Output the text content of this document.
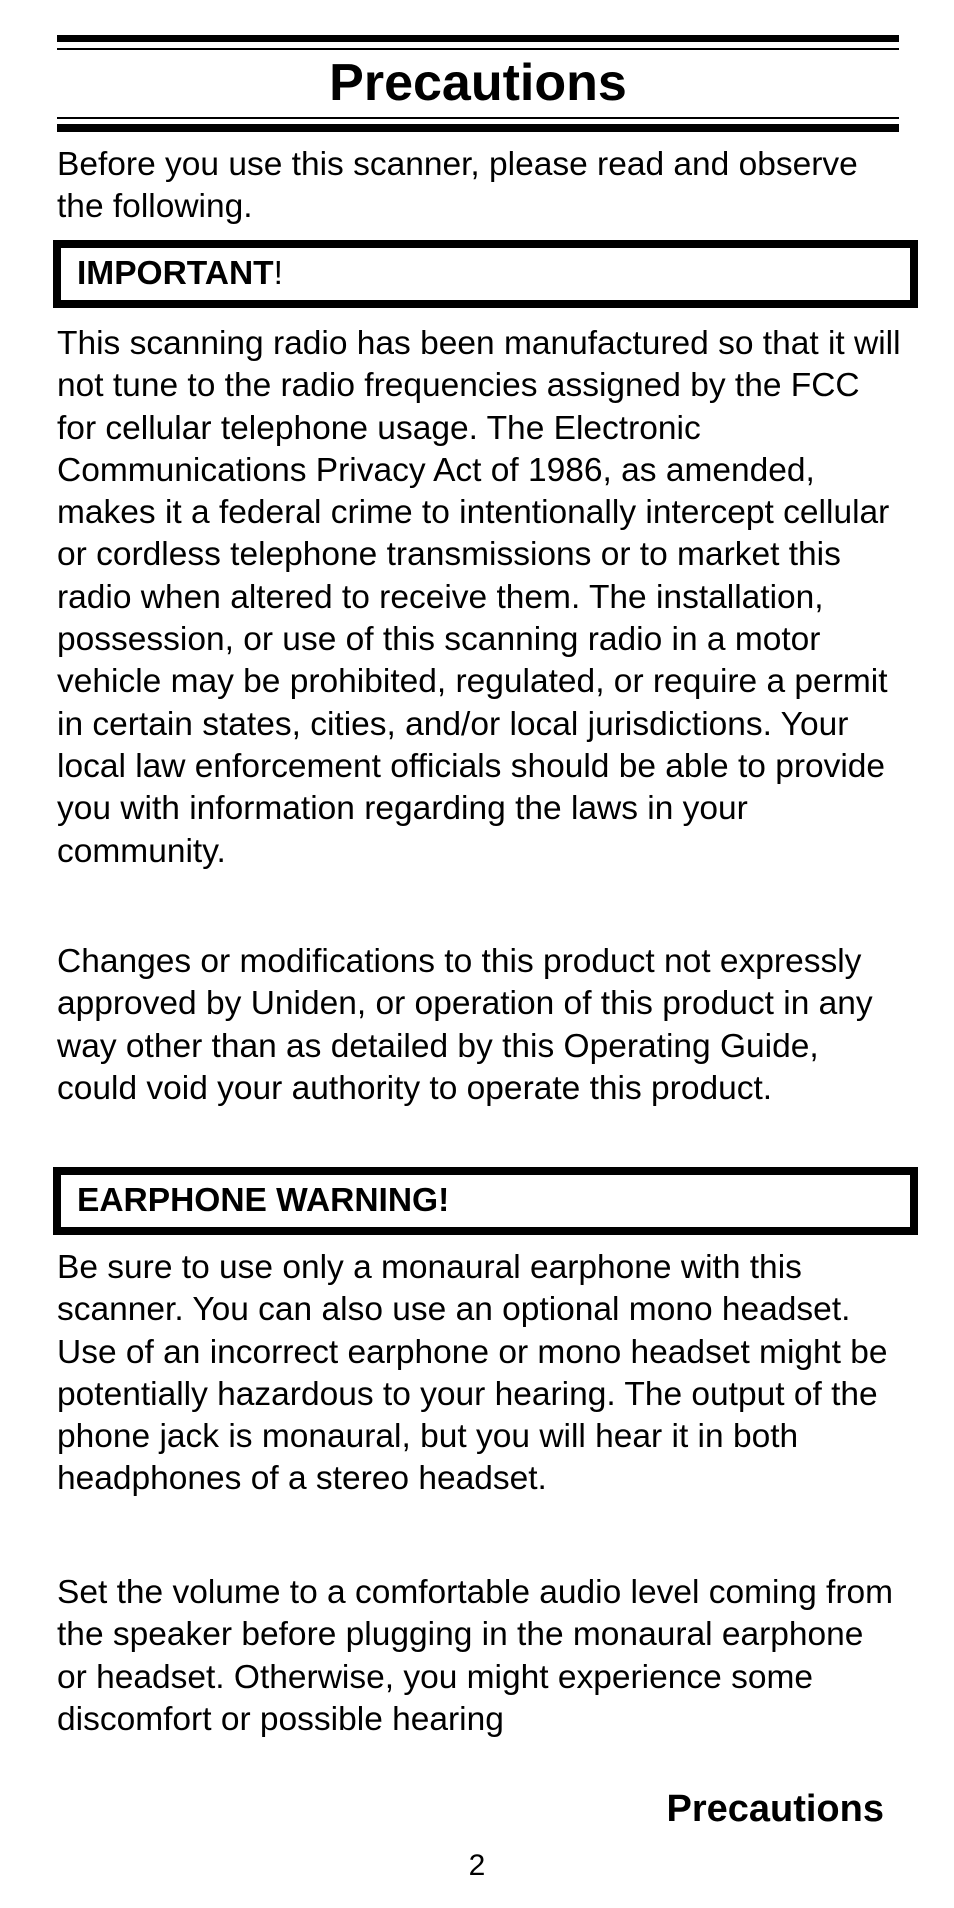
Precautions

Before you use this scanner, please read and observe the following.

IMPORTANT!

This scanning radio has been manufactured so that it will not tune to the radio frequencies assigned by the FCC for cellular telephone usage. The Electronic Communications Privacy Act of 1986, as amended, makes it a federal crime to intentionally intercept cellular or cordless telephone transmissions or to market this radio when altered to receive them. The installation, possession, or use of this scanning radio in a motor vehicle may be prohibited, regulated, or require a permit in certain states, cities, and/or local jurisdictions. Your local law enforcement officials should be able to provide you with information regarding the laws in your community.

Changes or modifications to this product not expressly approved by Uniden, or operation of this product in any way other than as detailed by this Operating Guide, could void your authority to operate this product.

EARPHONE WARNING!

Be sure to use only a monaural earphone with this scanner. You can also use an optional mono headset. Use of an incorrect earphone or mono headset might be potentially hazardous to your hearing. The output of the phone jack is monaural, but you will hear it in both headphones of a stereo headset.

Set the volume to a comfortable audio level coming from the speaker before plugging in the monaural earphone or headset. Otherwise, you might experience some discomfort or possible hearing

Precautions
2
